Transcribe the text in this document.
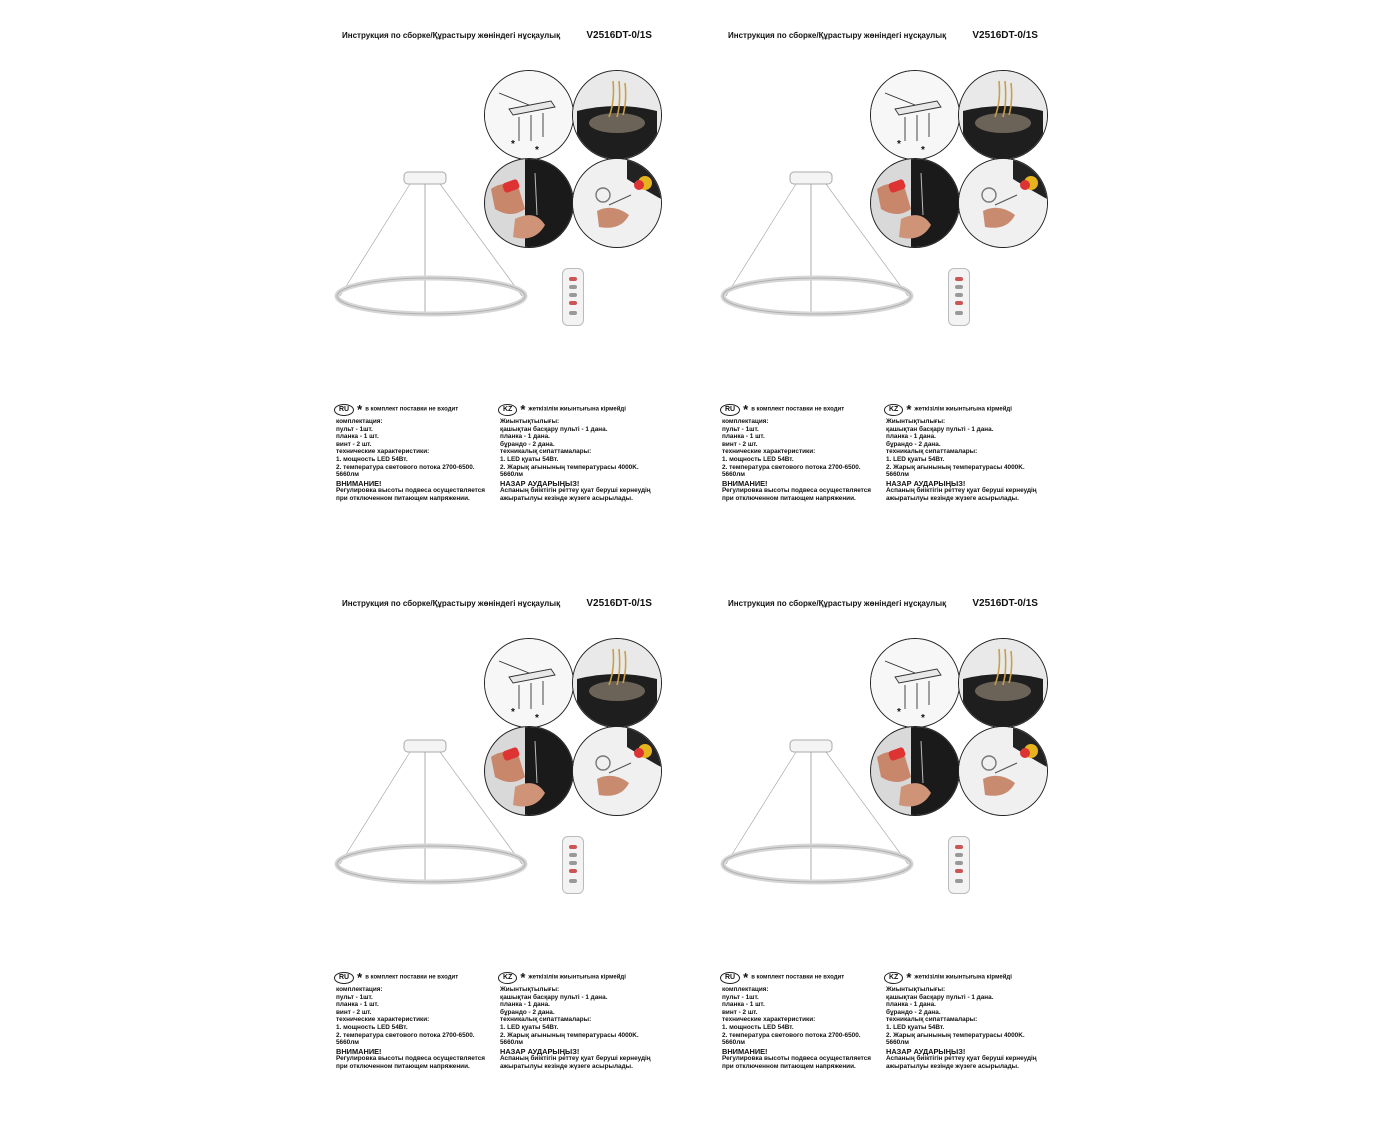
Инструкция по сборке/Құрастыру жөніндегі нұсқаулық	V2516DT-0/1S
*
*
RU * в комплект поставки не входит	KZ * жеткізілім жиынтығына кірмейді
комплектация:
пульт - 1шт.
планка - 1 шт.
винт - 2 шт.
технические характеристики:
1. мощность LED 54Вт.
2. температура светового потока 2700-6500.
5660лм
ВНИМАНИЕ!
Регулировка высоты подвеса осуществляется
при отключенном питающем напряжении.
Жиынтықтылығы:
қашықтан басқару пульті - 1 дана.
планка - 1 дана.
бұрандо - 2 дана.
техникалық сипаттамалары:
1. LED қуаты 54Вт.
2. Жарық ағынының температурасы 4000K.
5660лм
НАЗАР АУДАРЫҢЫЗ!
Аспаның биіктігін реттеу қуат беруші кернеудің
ажыратылуы кезінде жүзеге асырылады.
Инструкция по сборке/Құрастыру жөніндегі нұсқаулық	V2516DT-0/1S
*
*
RU * в комплект поставки не входит	KZ * жеткізілім жиынтығына кірмейді
комплектация:
пульт - 1шт.
планка - 1 шт.
винт - 2 шт.
технические характеристики:
1. мощность LED 54Вт.
2. температура светового потока 2700-6500.
5660лм
ВНИМАНИЕ!
Регулировка высоты подвеса осуществляется
при отключенном питающем напряжении.
Жиынтықтылығы:
қашықтан басқару пульті - 1 дана.
планка - 1 дана.
бұрандо - 2 дана.
техникалық сипаттамалары:
1. LED қуаты 54Вт.
2. Жарық ағынының температурасы 4000K.
5660лм
НАЗАР АУДАРЫҢЫЗ!
Аспаның биіктігін реттеу қуат беруші кернеудің
ажыратылуы кезінде жүзеге асырылады.
Инструкция по сборке/Құрастыру жөніндегі нұсқаулық	V2516DT-0/1S
*
*
RU * в комплект поставки не входит	KZ * жеткізілім жиынтығына кірмейді
комплектация:
пульт - 1шт.
планка - 1 шт.
винт - 2 шт.
технические характеристики:
1. мощность LED 54Вт.
2. температура светового потока 2700-6500.
5660лм
ВНИМАНИЕ!
Регулировка высоты подвеса осуществляется
при отключенном питающем напряжении.
Жиынтықтылығы:
қашықтан басқару пульті - 1 дана.
планка - 1 дана.
бұрандо - 2 дана.
техникалық сипаттамалары:
1. LED қуаты 54Вт.
2. Жарық ағынының температурасы 4000K.
5660лм
НАЗАР АУДАРЫҢЫЗ!
Аспаның биіктігін реттеу қуат беруші кернеудің
ажыратылуы кезінде жүзеге асырылады.
Инструкция по сборке/Құрастыру жөніндегі нұсқаулық	V2516DT-0/1S
*
*
RU * в комплект поставки не входит	KZ * жеткізілім жиынтығына кірмейді
комплектация:
пульт - 1шт.
планка - 1 шт.
винт - 2 шт.
технические характеристики:
1. мощность LED 54Вт.
2. температура светового потока 2700-6500.
5660лм
ВНИМАНИЕ!
Регулировка высоты подвеса осуществляется
при отключенном питающем напряжении.
Жиынтықтылығы:
қашықтан басқару пульті - 1 дана.
планка - 1 дана.
бұрандо - 2 дана.
техникалық сипаттамалары:
1. LED қуаты 54Вт.
2. Жарық ағынының температурасы 4000K.
5660лм
НАЗАР АУДАРЫҢЫЗ!
Аспаның биіктігін реттеу қуат беруші кернеудің
ажыратылуы кезінде жүзеге асырылады.
